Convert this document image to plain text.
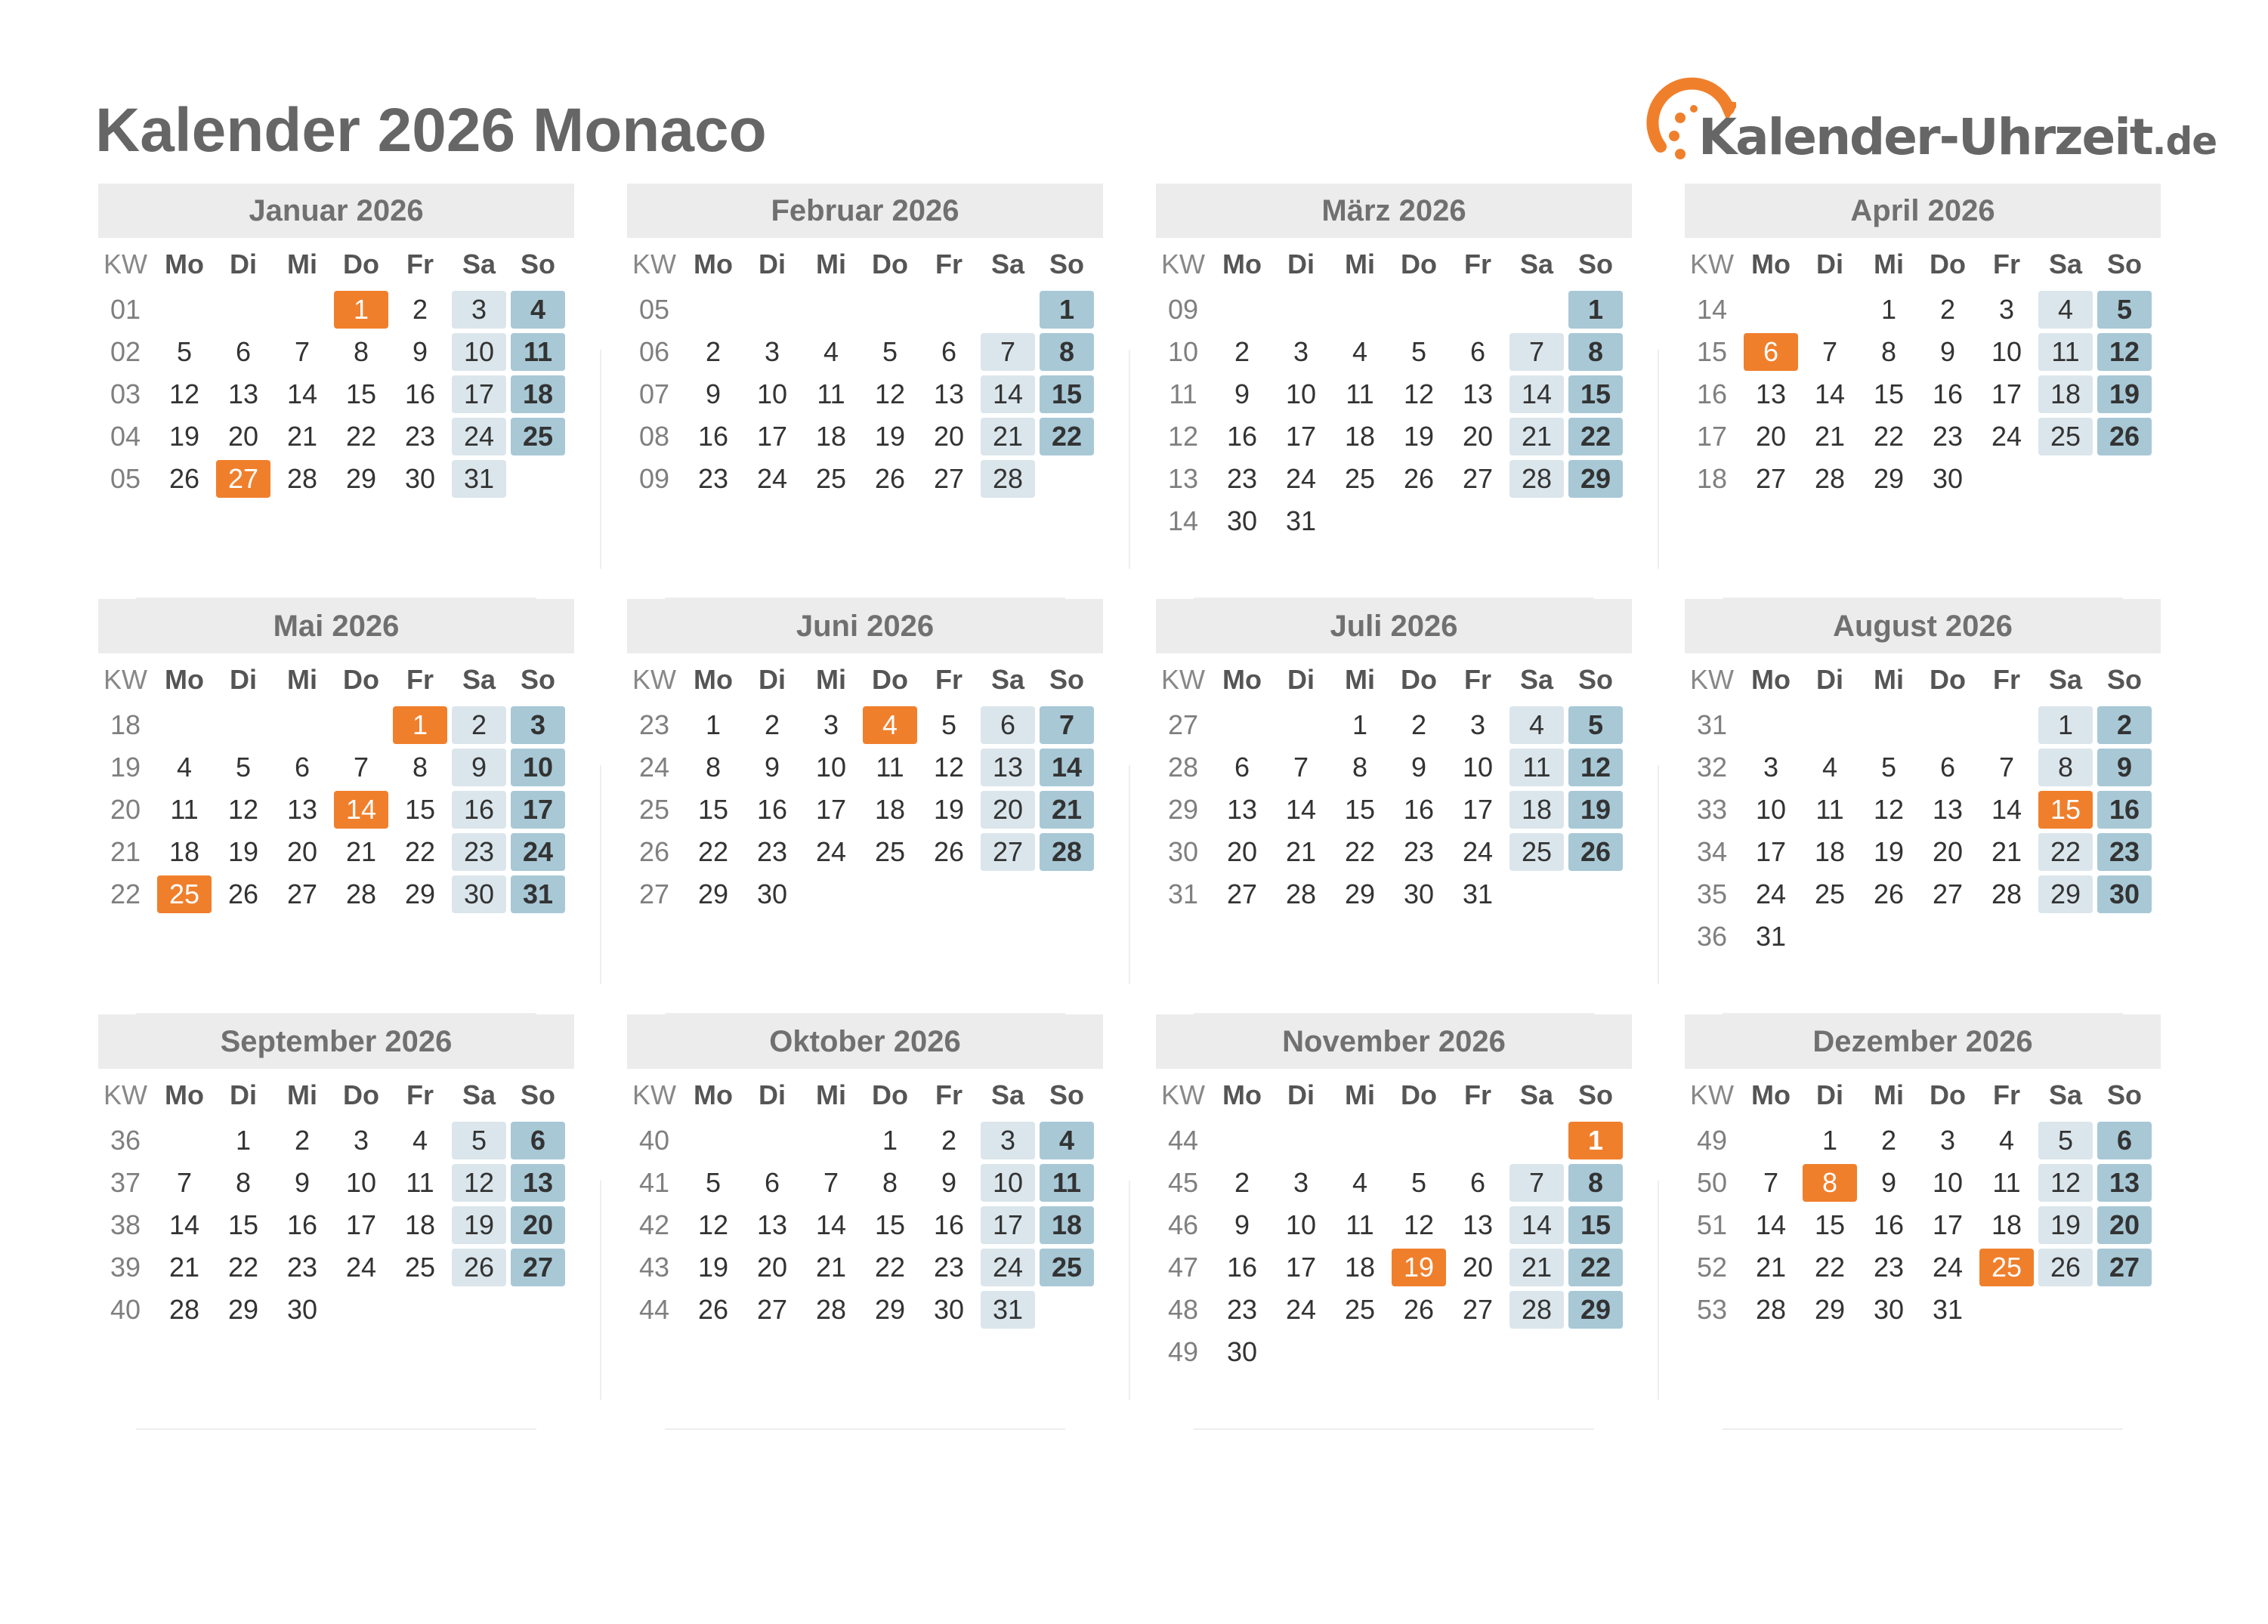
Kalender 2026 Monaco	Kalender-Uhrzeit.de
Januar 2026
KW	Mo	Di	Mi	Do	Fr	Sa	So
01				1	2	3	4
02	5	6	7	8	9	10	11
03	12	13	14	15	16	17	18
04	19	20	21	22	23	24	25
05	26	27	28	29	30	31	
Februar 2026
KW	Mo	Di	Mi	Do	Fr	Sa	So
05							1
06	2	3	4	5	6	7	8
07	9	10	11	12	13	14	15
08	16	17	18	19	20	21	22
09	23	24	25	26	27	28	
März 2026
KW	Mo	Di	Mi	Do	Fr	Sa	So
09							1
10	2	3	4	5	6	7	8
11	9	10	11	12	13	14	15
12	16	17	18	19	20	21	22
13	23	24	25	26	27	28	29
14	30	31					
April 2026
KW	Mo	Di	Mi	Do	Fr	Sa	So
14			1	2	3	4	5
15	6	7	8	9	10	11	12
16	13	14	15	16	17	18	19
17	20	21	22	23	24	25	26
18	27	28	29	30			
Mai 2026
KW	Mo	Di	Mi	Do	Fr	Sa	So
18					1	2	3
19	4	5	6	7	8	9	10
20	11	12	13	14	15	16	17
21	18	19	20	21	22	23	24
22	25	26	27	28	29	30	31
Juni 2026
KW	Mo	Di	Mi	Do	Fr	Sa	So
23	1	2	3	4	5	6	7
24	8	9	10	11	12	13	14
25	15	16	17	18	19	20	21
26	22	23	24	25	26	27	28
27	29	30					
Juli 2026
KW	Mo	Di	Mi	Do	Fr	Sa	So
27			1	2	3	4	5
28	6	7	8	9	10	11	12
29	13	14	15	16	17	18	19
30	20	21	22	23	24	25	26
31	27	28	29	30	31		
August 2026
KW	Mo	Di	Mi	Do	Fr	Sa	So
31						1	2
32	3	4	5	6	7	8	9
33	10	11	12	13	14	15	16
34	17	18	19	20	21	22	23
35	24	25	26	27	28	29	30
36	31						
September 2026
KW	Mo	Di	Mi	Do	Fr	Sa	So
36		1	2	3	4	5	6
37	7	8	9	10	11	12	13
38	14	15	16	17	18	19	20
39	21	22	23	24	25	26	27
40	28	29	30				
Oktober 2026
KW	Mo	Di	Mi	Do	Fr	Sa	So
40				1	2	3	4
41	5	6	7	8	9	10	11
42	12	13	14	15	16	17	18
43	19	20	21	22	23	24	25
44	26	27	28	29	30	31	
November 2026
KW	Mo	Di	Mi	Do	Fr	Sa	So
44							1
45	2	3	4	5	6	7	8
46	9	10	11	12	13	14	15
47	16	17	18	19	20	21	22
48	23	24	25	26	27	28	29
49	30						
Dezember 2026
KW	Mo	Di	Mi	Do	Fr	Sa	So
49		1	2	3	4	5	6
50	7	8	9	10	11	12	13
51	14	15	16	17	18	19	20
52	21	22	23	24	25	26	27
53	28	29	30	31			
